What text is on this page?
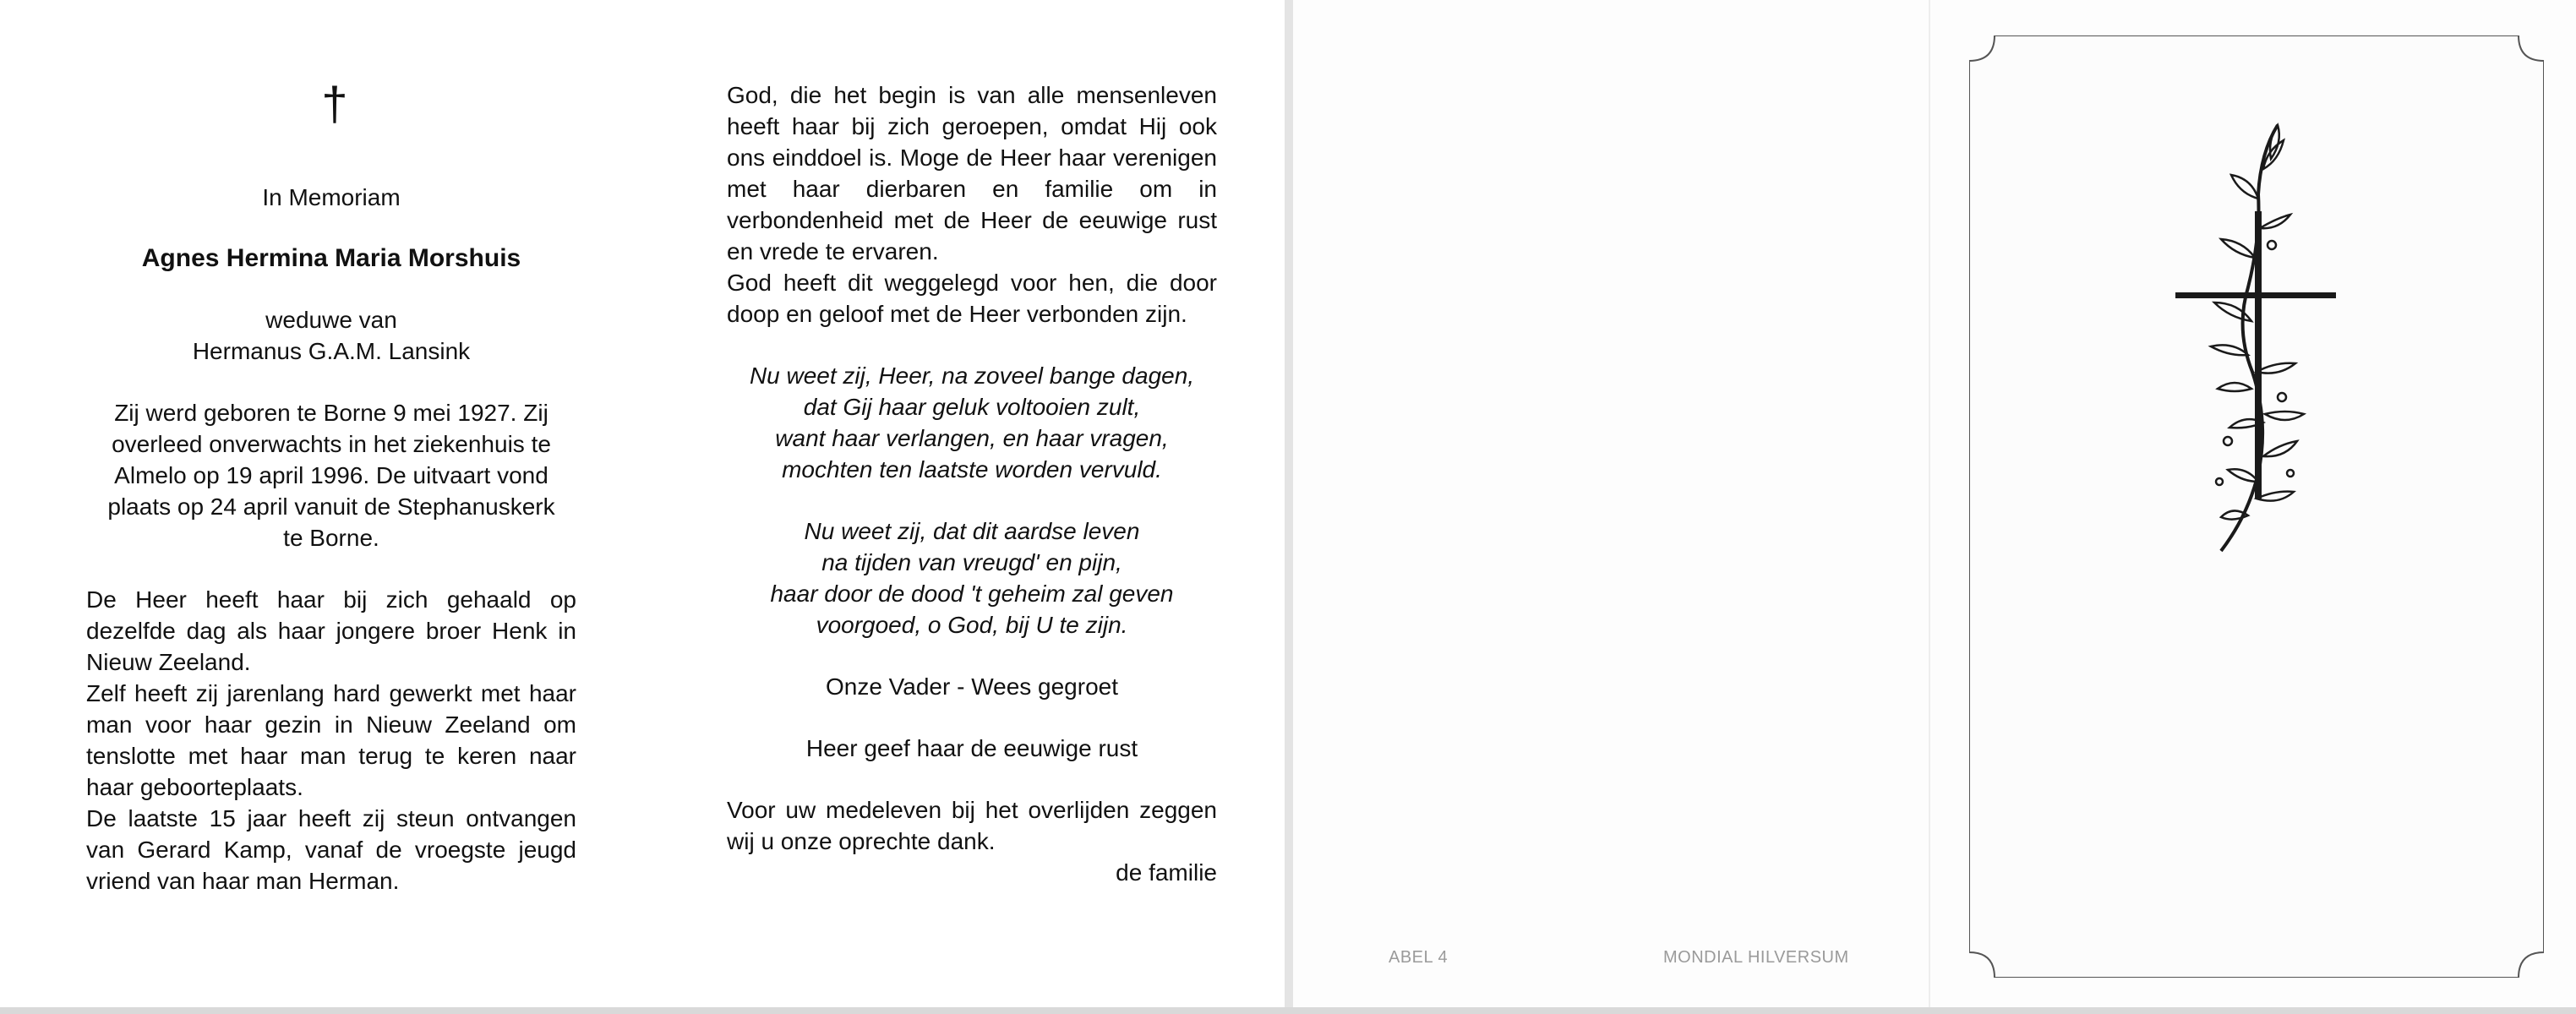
†
In Memoriam
Agnes Hermina Maria Morshuis
weduwe van
Hermanus G.A.M. Lansink
Zij werd geboren te Borne 9 mei 1927. Zij
overleed onverwachts in het ziekenhuis te
Almelo op 19 april 1996. De uitvaart vond
plaats op 24 april vanuit de Stephanuskerk
te Borne.
De Heer heeft haar bij zich gehaald op dezelfde dag als haar jongere broer Henk in Nieuw Zeeland.
Zelf heeft zij jarenlang hard gewerkt met haar man voor haar gezin in Nieuw Zeeland om tenslotte met haar man terug te keren naar haar geboorteplaats.
De laatste 15 jaar heeft zij steun ontvangen van Gerard Kamp, vanaf de vroegste jeugd vriend van haar man Herman.
God, die het begin is van alle mensenleven heeft haar bij zich geroepen, omdat Hij ook ons einddoel is. Moge de Heer haar verenigen met haar dierbaren en familie om in verbondenheid met de Heer de eeuwige rust en vrede te ervaren.
God heeft dit weggelegd voor hen, die door doop en geloof met de Heer verbonden zijn.
Nu weet zij, Heer, na zoveel bange dagen,
dat Gij haar geluk voltooien zult,
want haar verlangen, en haar vragen,
mochten ten laatste worden vervuld.
Nu weet zij, dat dit aardse leven
na tijden van vreugd' en pijn,
haar door de dood 't geheim zal geven
voorgoed, o God, bij U te zijn.
Onze Vader - Wees gegroet
Heer geef haar de eeuwige rust
Voor uw medeleven bij het overlijden zeggen wij u onze oprechte dank.
de familie
ABEL 4	MONDIAL HILVERSUM
